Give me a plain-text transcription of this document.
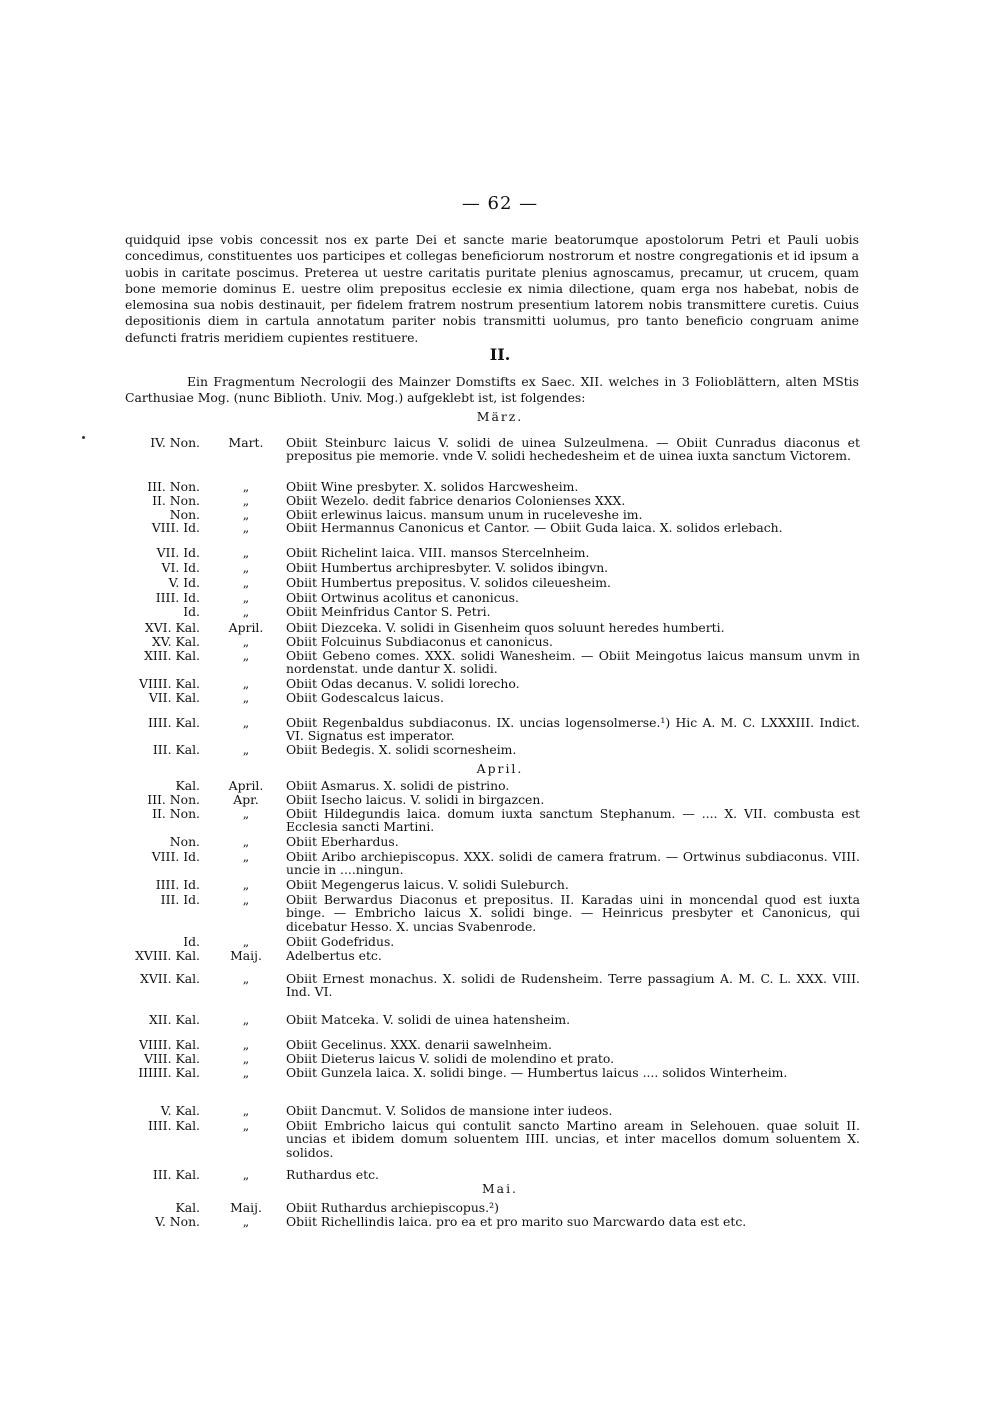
— 62 —

quidquid ipse vobis concessit nos ex parte Dei et sancte marie beatorumque apostolorum Petri et Pauli uobis concedimus, constituentes uos participes et collegas beneficiorum nostrorum et nostre congregationis et id ipsum a uobis in caritate poscimus. Preterea ut uestre caritatis puritate plenius agnoscamus, precamur, ut crucem, quam bone memorie dominus E. uestre olim prepositus ecclesie ex nimia dilectione, quam erga nos habebat, nobis de elemosina sua nobis destinauit, per fidelem fratrem nostrum presentium latorem nobis transmittere curetis. Cuius depositionis diem in cartula annotatum pariter nobis transmitti uolumus, pro tanto beneficio congruam anime defuncti fratris meridiem cupientes restituere.

II.

Ein Fragmentum Necrologii des Mainzer Domstifts ex Saec. XII. welches in 3 Folioblättern, alten MStis Carthusiae Mog. (nunc Biblioth. Univ. Mog.) aufgeklebt ist, ist folgendes:

März.

April.

Mai.

IV. Non.	Mart.	Obiit Steinburc laicus V. solidi de uinea Sulzeulmena. — Obiit Cunradus diaconus et prepositus pie memorie. vnde V. solidi hechedesheim et de uinea iuxta sanctum Victorem.
III. Non.	„	Obiit Wine presbyter. X. solidos Harcwesheim.
II. Non.	„	Obiit Wezelo. dedit fabrice denarios Colonienses XXX.
Non.	„	Obiit erlewinus laicus. mansum unum in ruceleveshe im.
VIII. Id.	„	Obiit Hermannus Canonicus et Cantor. — Obiit Guda laica. X. solidos erlebach.
VII. Id.	„	Obiit Richelint laica. VIII. mansos Stercelnheim.
VI. Id.	„	Obiit Humbertus archipresbyter. V. solidos ibingvn.
V. Id.	„	Obiit Humbertus prepositus. V. solidos cileuesheim.
IIII. Id.	„	Obiit Ortwinus acolitus et canonicus.
Id.	„	Obiit Meinfridus Cantor S. Petri.
XVI. Kal.	April.	Obiit Diezceka. V. solidi in Gisenheim quos soluunt heredes humberti.
XV. Kal.	„	Obiit Folcuinus Subdiaconus et canonicus.
XIII. Kal.	„	Obiit Gebeno comes. XXX. solidi Wanesheim. — Obiit Meingotus laicus mansum unvm in nordenstat. unde dantur X. solidi.
VIIII. Kal.	„	Obiit Odas decanus. V. solidi lorecho.
VII. Kal.	„	Obiit Godescalcus laicus.
IIII. Kal.	„	Obiit Regenbaldus subdiaconus. IX. uncias logensolmerse.¹) Hic A. M. C. LXXXIII. Indict. VI. Signatus est imperator.
III. Kal.	„	Obiit Bedegis. X. solidi scornesheim.
Kal.	April.	Obiit Asmarus. X. solidi de pistrino.
III. Non.	Apr.	Obiit Isecho laicus. V. solidi in birgazcen.
II. Non.	„	Obiit Hildegundis laica. domum iuxta sanctum Stephanum. — .... X. VII. combusta est Ecclesia sancti Martini.
Non.	„	Obiit Eberhardus.
VIII. Id.	„	Obiit Aribo archiepiscopus. XXX. solidi de camera fratrum. — Ortwinus subdiaconus. VIII. uncie in ....ningun.
IIII. Id.	„	Obiit Megengerus laicus. V. solidi Suleburch.
III. Id.	„	Obiit Berwardus Diaconus et prepositus. II. Karadas uini in moncendal quod est iuxta binge. — Embricho laicus X. solidi binge. — Heinricus presbyter et Canonicus, qui dicebatur Hesso. X. uncias Svabenrode.
Id.	„	Obiit Godefridus.
XVIII. Kal.	Maij.	Adelbertus etc.
XVII. Kal.	„	Obiit Ernest monachus. X. solidi de Rudensheim. Terre passagium A. M. C. L. XXX. VIII. Ind. VI.
XII. Kal.	„	Obiit Matceka. V. solidi de uinea hatensheim.
VIIII. Kal.	„	Obiit Gecelinus. XXX. denarii sawelnheim.
VIII. Kal.	„	Obiit Dieterus laicus V. solidi de molendino et prato.
IIIIII. Kal.	„	Obiit Gunzela laica. X. solidi binge. — Humbertus laicus .... solidos Winterheim.
V. Kal.	„	Obiit Dancmut. V. Solidos de mansione inter iudeos.
IIII. Kal.	„	Obiit Embricho laicus qui contulit sancto Martino aream in Selehouen. quae soluit II. uncias et ibidem domum soluentem IIII. uncias, et inter macellos domum soluentem X. solidos.
III. Kal.	„	Ruthardus etc.
Kal.	Maij.	Obiit Ruthardus archiepiscopus.²)
V. Non.	„	Obiit Richellindis laica. pro ea et pro marito suo Marcwardo data est etc.
